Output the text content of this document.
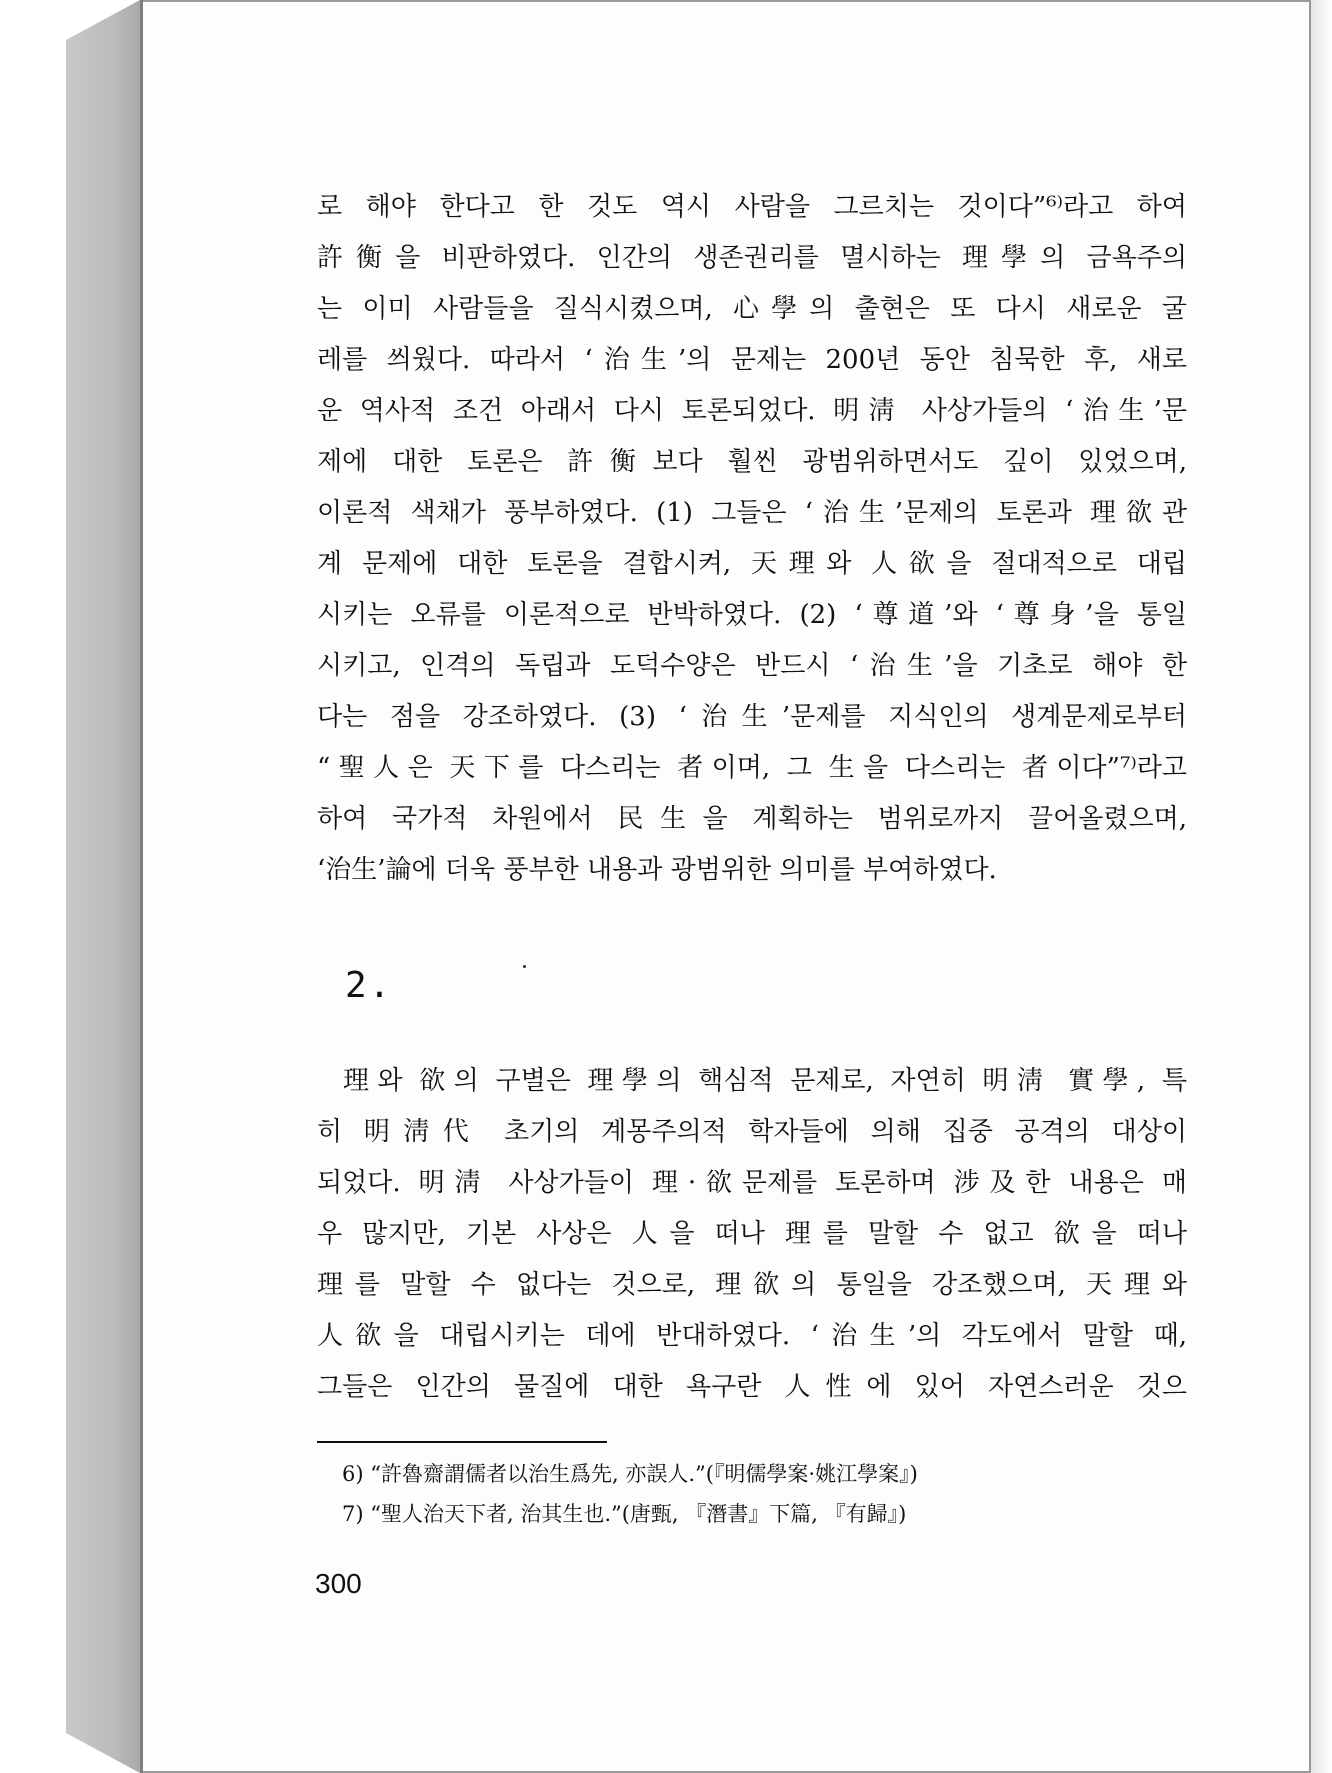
로 해야 한다고 한 것도 역시 사람을 그르치는 것이다”⁶⁾라고 하여
許衡을 비판하였다. 인간의 생존권리를 멸시하는 理學의 금욕주의
는 이미 사람들을 질식시켰으며, 心學의 출현은 또 다시 새로운 굴
레를 씌웠다. 따라서 ‘治生’의 문제는 200년 동안 침묵한 후, 새로
운 역사적 조건 아래서 다시 토론되었다. 明淸 사상가들의 ‘治生’문
제에 대한 토론은 許衡보다 훨씬 광범위하면서도 깊이 있었으며,
이론적 색채가 풍부하였다. (1) 그들은 ‘治生’문제의 토론과 理欲관
계 문제에 대한 토론을 결합시켜, 天理와 人欲을 절대적으로 대립
시키는 오류를 이론적으로 반박하였다. (2) ‘尊道’와 ‘尊身’을 통일
시키고, 인격의 독립과 도덕수양은 반드시 ‘治生’을 기초로 해야 한
다는 점을 강조하였다. (3) ‘治生’문제를 지식인의 생계문제로부터
“聖人은 天下를 다스리는 者이며, 그 生을 다스리는 者이다”⁷⁾라고
하여 국가적 차원에서 民生을 계획하는 범위로까지 끌어올렸으며,
‘治生’論에 더욱 풍부한 내용과 광범위한 의미를 부여하였다.
2.
理와 欲의 구별은 理學의 핵심적 문제로, 자연히 明淸 實學, 특
히 明淸代 초기의 계몽주의적 학자들에 의해 집중 공격의 대상이
되었다. 明淸 사상가들이 理·欲문제를 토론하며 涉及한 내용은 매
우 많지만, 기본 사상은 人을 떠나 理를 말할 수 없고 欲을 떠나
理를 말할 수 없다는 것으로, 理欲의 통일을 강조했으며, 天理와
人欲을 대립시키는 데에 반대하였다. ‘治生’의 각도에서 말할 때,
그들은 인간의 물질에 대한 욕구란 人性에 있어 자연스러운 것으
6) “許魯齋謂儒者以治生爲先, 亦誤人.”(『明儒學案·姚江學案』)
7) “聖人治天下者, 治其生也.”(唐甄, 『潛書』下篇, 『有歸』)
300
